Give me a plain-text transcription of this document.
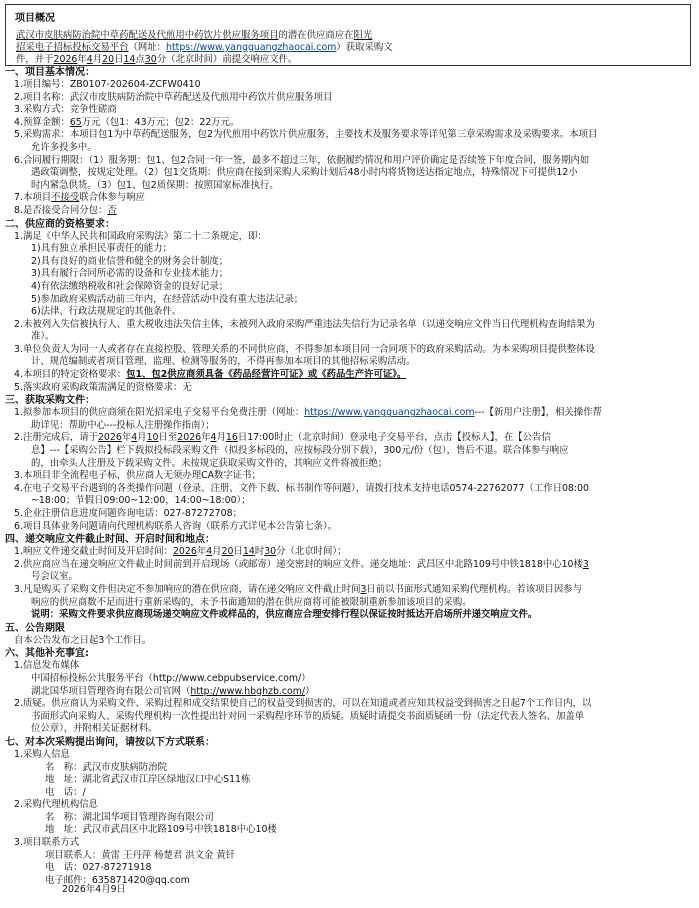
项目概况
武汉市皮肤病防治院中草药配送及代煎用中药饮片供应服务项目的潜在供应商应在阳光
招采电子招标投标交易平台（网址：https://www.yangguangzhaocai.com）获取采购文
件，并于2026年4月20日14点30分（北京时间）前提交响应文件。
一、项目基本情况：
1.项目编号：ZB0107-202604-ZCFW0410
2.项目名称：武汉市皮肤病防治院中草药配送及代煎用中药饮片供应服务项目
3.采购方式：竞争性磋商
4.预算金额：65万元（包1：43万元；包2：22万元。
5.采购需求：本项目包1为中草药配送服务，包2为代煎用中药饮片供应服务，主要技术及服务要求等详见第三章采购需求及采购要求。本项目
允许多投多中。
6.合同履行期限：（1）服务期：包1、包2合同一年一签，最多不超过三年，依据履约情况和用户评价确定是否续签下年度合同，服务期内如
遇政策调整，按规定处理。（2）包1交货期：供应商在接到采购人采购计划后48小时内将货物送达指定地点，特殊情况下可提供12小
时内紧急供货。（3）包1、包2质保期：按照国家标准执行。
7.本项目不接受联合体参与响应
8.是否接受合同分包：否
二、供应商的资格要求：
1.满足《中华人民共和国政府采购法》第二十二条规定，即：
1)具有独立承担民事责任的能力；
2)具有良好的商业信誉和健全的财务会计制度；
3)具有履行合同所必需的设备和专业技术能力；
4)有依法缴纳税收和社会保障资金的良好记录；
5)参加政府采购活动前三年内，在经营活动中没有重大违法记录；
6)法律、行政法规规定的其他条件。
2.未被列入失信被执行人、重大税收违法失信主体，未被列入政府采购严重违法失信行为记录名单（以递交响应文件当日代理机构查询结果为
准）。
3.单位负责人为同一人或者存在直接控股、管理关系的不同供应商，不得参加本项目同一合同项下的政府采购活动。为本采购项目提供整体设
计、规范编制或者项目管理、监理、检测等服务的，不得再参加本项目的其他招标采购活动。
4.本项目的特定资格要求：包1、包2供应商须具备《药品经营许可证》或《药品生产许可证》。
5.落实政府采购政策需满足的资格要求：无
三、获取采购文件：
1.拟参加本项目的供应商须在阳光招采电子交易平台免费注册（网址：https://www.yangguangzhaocai.com---【新用户注册】，相关操作帮
助详见：帮助中心---投标人注册操作指南）；
2.注册完成后，请于2026年4月10日至2026年4月16日17:00时止（北京时间）登录电子交易平台，点击【投标人】，在【公告信
息】---【采购公告】栏下载拟投标段采购文件（拟投多标段的，应按标段分别下载），300元/份（包），售后不退。联合体参与响应
的，由牵头人注册及下载采购文件。未按规定获取采购文件的，其响应文件将被拒绝；
3.本项目非全流程电子标，供应商人无须办理CA数字证书；
4.在电子交易平台遇到的各类操作问题（登录、注册、文件下载、标书制作等问题），请拨打技术支持电话0574-22762077（工作日08:00
~18:00；节假日09:00~12:00，14:00~18:00）；
5.企业注册信息进度问题咨询电话：027-87272708；
6.项目具体业务问题请向代理机构联系人咨询（联系方式详见本公告第七条）。
四、递交响应文件截止时间、开启时间和地点：
1.响应文件递交截止时间及开启时间：2026年4月20日14时30分（北京时间）；
2.供应商应当在递交响应文件截止时间前到开启现场（或邮寄）递交密封的响应文件。递交地址：武昌区中北路109号中铁1818中心10楼3
号会议室。
3.凡是购买了采购文件但决定不参加响应的潜在供应商，请在递交响应文件截止时间3日前以书面形式通知采购代理机构。若该项目因参与
响应的供应商数不足而进行重新采购的，未予书面通知的潜在供应商将可能被限制重新参加该项目的采购。
说明：采购文件要求供应商现场递交响应文件或样品的，供应商应合理安排行程以保证按时抵达开启场所并递交响应文件。
五、公告期限
自本公告发布之日起3个工作日。
六、其他补充事宜:
1.信息发布媒体
中国招标投标公共服务平台（http://www.cebpubservice.com/）
湖北国华项目管理咨询有限公司官网（http://www.hbghzb.com/）
2.质疑。供应商认为采购文件、采购过程和成交结果使自己的权益受到损害的，可以在知道或者应知其权益受到损害之日起7个工作日内，以
书面形式向采购人、采购代理机构一次性提出针对同一采购程序环节的质疑。质疑时请提交书面质疑函一份（法定代表人签名、加盖单
位公章），并附相关证据材料。
七、对本次采购提出询问，请按以下方式联系：
1.采购人信息
名　称：武汉市皮肤病防治院
地　址：湖北省武汉市江岸区绿地汉口中心S11栋
电　话：/
2.采购代理机构信息
名　称：湖北国华项目管理咨询有限公司
地　址：武汉市武昌区中北路109号中铁1818中心10楼
3.项目联系方式
项目联系人：黄雷 王丹萍 杨楚君 洪文金 黄钎
电　话：027-87271918
电子邮件：635871420@qq.com
2026年4月9日
